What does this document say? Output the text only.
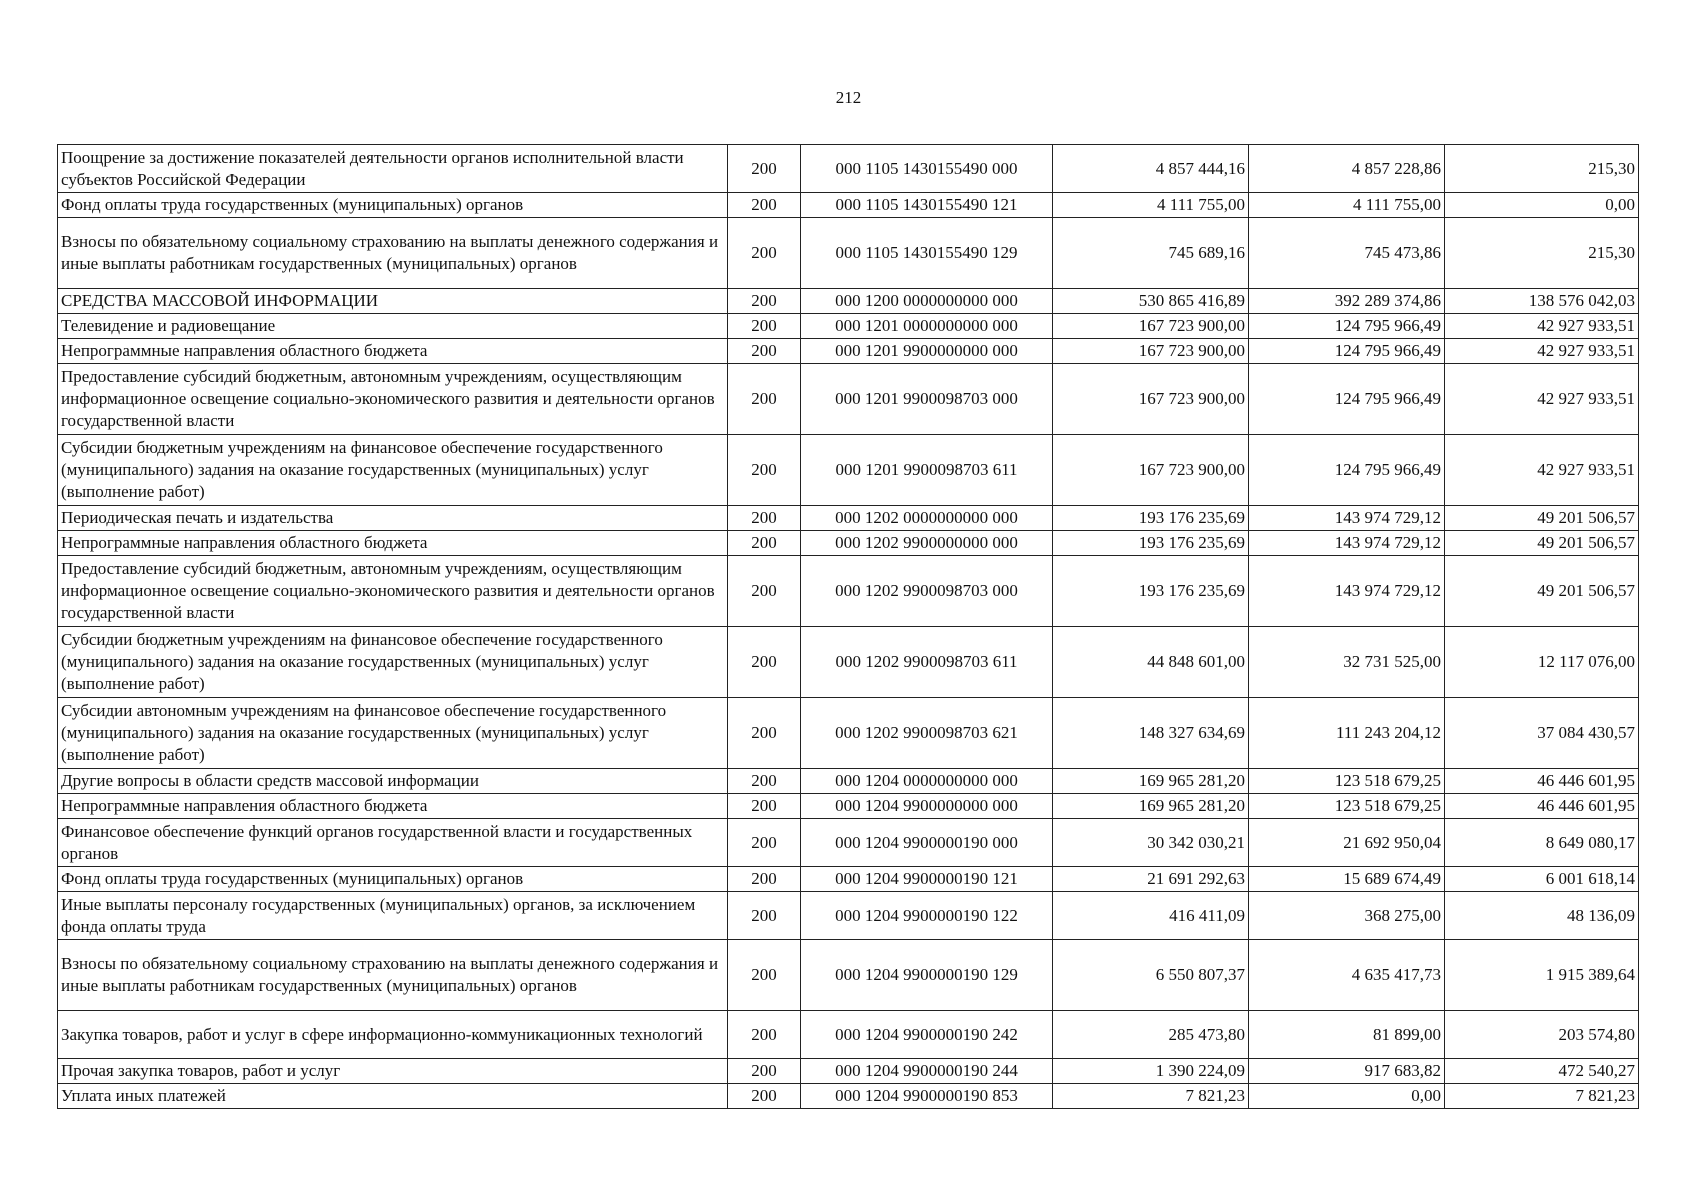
212
Поощрение за достижение показателей деятельности органов исполнительной власти субъектов Российской Федерации	200	000 1105 1430155490 000	4 857 444,16	4 857 228,86	215,30
Фонд оплаты труда государственных (муниципальных) органов	200	000 1105 1430155490 121	4 111 755,00	4 111 755,00	0,00
Взносы по обязательному социальному страхованию на выплаты денежного содержания и иные выплаты работникам государственных (муниципальных) органов	200	000 1105 1430155490 129	745 689,16	745 473,86	215,30
СРЕДСТВА МАССОВОЙ ИНФОРМАЦИИ	200	000 1200 0000000000 000	530 865 416,89	392 289 374,86	138 576 042,03
Телевидение и радиовещание	200	000 1201 0000000000 000	167 723 900,00	124 795 966,49	42 927 933,51
Непрограммные направления областного бюджета	200	000 1201 9900000000 000	167 723 900,00	124 795 966,49	42 927 933,51
Предоставление субсидий бюджетным, автономным учреждениям, осуществляющим информационное освещение социально-экономического развития и деятельности органов государственной власти	200	000 1201 9900098703 000	167 723 900,00	124 795 966,49	42 927 933,51
Субсидии бюджетным учреждениям на финансовое обеспечение государственного (муниципального) задания на оказание государственных (муниципальных) услуг (выполнение работ)	200	000 1201 9900098703 611	167 723 900,00	124 795 966,49	42 927 933,51
Периодическая печать и издательства	200	000 1202 0000000000 000	193 176 235,69	143 974 729,12	49 201 506,57
Непрограммные направления областного бюджета	200	000 1202 9900000000 000	193 176 235,69	143 974 729,12	49 201 506,57
Предоставление субсидий бюджетным, автономным учреждениям, осуществляющим информационное освещение социально-экономического развития и деятельности органов государственной власти	200	000 1202 9900098703 000	193 176 235,69	143 974 729,12	49 201 506,57
Субсидии бюджетным учреждениям на финансовое обеспечение государственного (муниципального) задания на оказание государственных (муниципальных) услуг (выполнение работ)	200	000 1202 9900098703 611	44 848 601,00	32 731 525,00	12 117 076,00
Субсидии автономным учреждениям на финансовое обеспечение государственного (муниципального) задания на оказание государственных (муниципальных) услуг (выполнение работ)	200	000 1202 9900098703 621	148 327 634,69	111 243 204,12	37 084 430,57
Другие вопросы в области средств массовой информации	200	000 1204 0000000000 000	169 965 281,20	123 518 679,25	46 446 601,95
Непрограммные направления областного бюджета	200	000 1204 9900000000 000	169 965 281,20	123 518 679,25	46 446 601,95
Финансовое обеспечение функций органов государственной власти и государственных органов	200	000 1204 9900000190 000	30 342 030,21	21 692 950,04	8 649 080,17
Фонд оплаты труда государственных (муниципальных) органов	200	000 1204 9900000190 121	21 691 292,63	15 689 674,49	6 001 618,14
Иные выплаты персоналу государственных (муниципальных) органов, за исключением фонда оплаты труда	200	000 1204 9900000190 122	416 411,09	368 275,00	48 136,09
Взносы по обязательному социальному страхованию на выплаты денежного содержания и иные выплаты работникам государственных (муниципальных) органов	200	000 1204 9900000190 129	6 550 807,37	4 635 417,73	1 915 389,64
Закупка товаров, работ и услуг в сфере информационно-коммуникационных технологий	200	000 1204 9900000190 242	285 473,80	81 899,00	203 574,80
Прочая закупка товаров, работ и услуг	200	000 1204 9900000190 244	1 390 224,09	917 683,82	472 540,27
Уплата иных платежей	200	000 1204 9900000190 853	7 821,23	0,00	7 821,23
